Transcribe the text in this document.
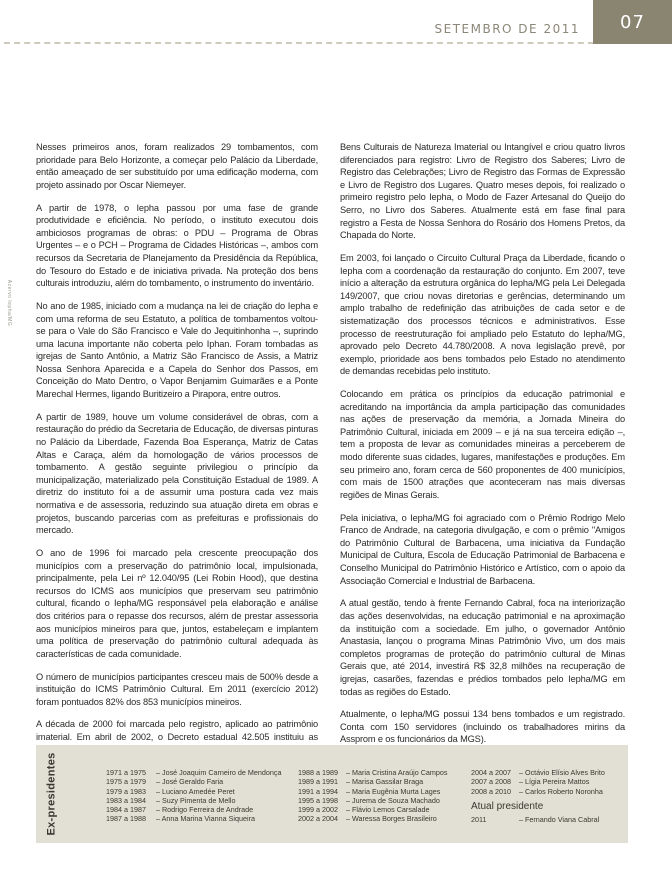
SETEMBRO DE 2011 07
Acervo Iepha/MG

Nesses primeiros anos, foram realizados 29 tombamentos, com prioridade para Belo Horizonte, a começar pelo Palácio da Liberdade, então ameaçado de ser substituído por uma edificação moderna, com projeto assinado por Oscar Niemeyer.

A partir de 1978, o Iepha passou por uma fase de grande produtividade e eficiência. No período, o instituto executou dois ambiciosos programas de obras: o PDU – Programa de Obras Urgentes – e o PCH – Programa de Cidades Históricas –, ambos com recursos da Secretaria de Planejamento da Presidência da República, do Tesouro do Estado e de iniciativa privada. Na proteção dos bens culturais introduziu, além do tombamento, o instrumento do inventário.

No ano de 1985, iniciado com a mudança na lei de criação do Iepha e com uma reforma de seu Estatuto, a política de tombamentos voltou-se para o Vale do São Francisco e Vale do Jequitinhonha –, suprindo uma lacuna importante não coberta pelo Iphan. Foram tombadas as igrejas de Santo Antônio, a Matriz São Francisco de Assis, a Matriz Nossa Senhora Aparecida e a Capela do Senhor dos Passos, em Conceição do Mato Dentro, o Vapor Benjamim Guimarães e a Ponte Marechal Hermes, ligando Buritizeiro a Pirapora, entre outros.

A partir de 1989, houve um volume considerável de obras, com a restauração do prédio da Secretaria de Educação, de diversas pinturas no Palácio da Liberdade, Fazenda Boa Esperança, Matriz de Catas Altas e Caraça, além da homologação de vários processos de tombamento. A gestão seguinte privilegiou o princípio da municipalização, materializado pela Constituição Estadual de 1989. A diretriz do instituto foi a de assumir uma postura cada vez mais normativa e de assessoria, reduzindo sua atuação direta em obras e projetos, buscando parcerias com as prefeituras e profissionais do mercado.

O ano de 1996 foi marcado pela crescente preocupação dos municípios com a preservação do patrimônio local, impulsionada, principalmente, pela Lei nº 12.040/95 (Lei Robin Hood), que destina recursos do ICMS aos municípios que preservam seu patrimônio cultural, ficando o Iepha/MG responsável pela elaboração e análise dos critérios para o repasse dos recursos, além de prestar assessoria aos municípios mineiros para que, juntos, estabeleçam e implantem uma política de preservação do patrimônio cultural adequada às características de cada comunidade.

O número de municípios participantes cresceu mais de 500% desde a instituição do ICMS Patrimônio Cultural. Em 2011 (exercício 2012) foram pontuados 82% dos 853 municípios mineiros.

A década de 2000 foi marcada pelo registro, aplicado ao patrimônio imaterial. Em abril de 2002, o Decreto estadual 42.505 instituiu as

Bens Culturais de Natureza Imaterial ou Intangível e criou quatro livros diferenciados para registro: Livro de Registro dos Saberes; Livro de Registro das Celebrações; Livro de Registro das Formas de Expressão e Livro de Registro dos Lugares. Quatro meses depois, foi realizado o primeiro registro pelo Iepha, o Modo de Fazer Artesanal do Queijo do Serro, no Livro dos Saberes. Atualmente está em fase final para registro a Festa de Nossa Senhora do Rosário dos Homens Pretos, da Chapada do Norte.

Em 2003, foi lançado o Circuito Cultural Praça da Liberdade, ficando o Iepha com a coordenação da restauração do conjunto. Em 2007, teve início a alteração da estrutura orgânica do Iepha/MG pela Lei Delegada 149/2007, que criou novas diretorias e gerências, determinando um amplo trabalho de redefinição das atribuições de cada setor e de sistematização dos processos técnicos e administrativos. Esse processo de reestruturação foi ampliado pelo Estatuto do Iepha/MG, aprovado pelo Decreto 44.780/2008. A nova legislação prevê, por exemplo, prioridade aos bens tombados pelo Estado no atendimento de demandas recebidas pelo instituto.

Colocando em prática os princípios da educação patrimonial e acreditando na importância da ampla participação das comunidades nas ações de preservação da memória, a Jornada Mineira do Patrimônio Cultural, iniciada em 2009 – e já na sua terceira edição –, tem a proposta de levar as comunidades mineiras a perceberem de modo diferente suas cidades, lugares, manifestações e produções. Em seu primeiro ano, foram cerca de 560 proponentes de 400 municípios, com mais de 1500 atrações que aconteceram nas mais diversas regiões de Minas Gerais.

Pela iniciativa, o Iepha/MG foi agraciado com o Prêmio Rodrigo Melo Franco de Andrade, na categoria divulgação, e com o prêmio "Amigos do Patrimônio Cultural de Barbacena, uma iniciativa da Fundação Municipal de Cultura, Escola de Educação Patrimonial de Barbacena e Conselho Municipal do Patrimônio Histórico e Artístico, com o apoio da Associação Comercial e Industrial de Barbacena.

A atual gestão, tendo à frente Fernando Cabral, foca na interiorização das ações desenvolvidas, na educação patrimonial e na aproximação da instituição com a sociedade. Em julho, o governador Antônio Anastasia, lançou o programa Minas Patrimônio Vivo, um dos mais completos programas de proteção do patrimônio cultural de Minas Gerais que, até 2014, investirá R$ 32,8 milhões na recuperação de igrejas, casarões, fazendas e prédios tombados pelo Iepha/MG em todas as regiões do Estado.

Atualmente, o Iepha/MG possui 134 bens tombados e um registrado. Conta com 150 servidores (incluindo os trabalhadores mirins da Assprom e os funcionários da MGS).

Ex-presidentes	1971 a 1975	– José Joaquim Carneiro de Mendonça
1975 a 1979	– José Geraldo Faria
1979 a 1983	– Luciano Amedée Peret
1983 a 1984	– Suzy Pimenta de Mello
1984 a 1987	– Rodrigo Ferreira de Andrade
1987 a 1988	– Anna Marina Vianna Siqueira
1988 a 1989	– Maria Cristina Araújo Campos
1989 a 1991	– Marisa Gassilar Braga
1991 a 1994	– Maria Eugênia Murta Lages
1995 a 1998	– Jurema de Souza Machado
1999 a 2002	– Flávio Lemos Carsalade
2002 a 2004	– Waressa Borges Brasileiro
2004 a 2007	– Octávio Elísio Alves Brito
2007 a 2008	– Lígia Pereira Mattos
2008 a 2010	– Carlos Roberto Noronha
Atual presidente
2011	– Fernando Viana Cabral
